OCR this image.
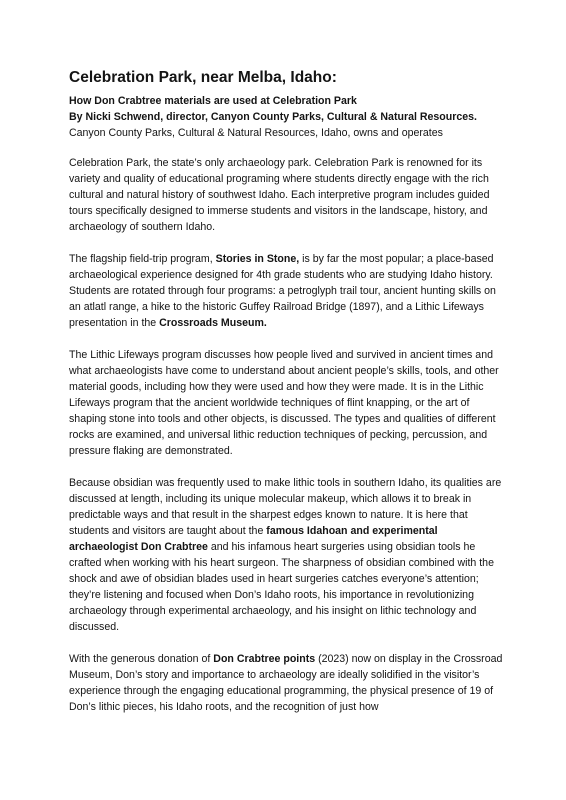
Celebration Park, near Melba, Idaho:
How Don Crabtree materials are used at Celebration Park
By Nicki Schwend, director, Canyon County Parks, Cultural & Natural Resources.
Canyon County Parks, Cultural & Natural Resources, Idaho, owns and operates

Celebration Park, the state’s only archaeology park. Celebration Park is renowned for its variety and quality of educational programing where students directly engage with the rich cultural and natural history of southwest Idaho. Each interpretive program includes guided tours specifically designed to immerse students and visitors in the landscape, history, and archaeology of southern Idaho.

The flagship field-trip program, Stories in Stone, is by far the most popular; a place-based archaeological experience designed for 4th grade students who are studying Idaho history. Students are rotated through four programs: a petroglyph trail tour, ancient hunting skills on an atlatl range, a hike to the historic Guffey Railroad Bridge (1897), and a Lithic Lifeways presentation in the Crossroads Museum.

The Lithic Lifeways program discusses how people lived and survived in ancient times and what archaeologists have come to understand about ancient people’s skills, tools, and other material goods, including how they were used and how they were made. It is in the Lithic Lifeways program that the ancient worldwide techniques of flint knapping, or the art of shaping stone into tools and other objects, is discussed. The types and qualities of different rocks are examined, and universal lithic reduction techniques of pecking, percussion, and pressure flaking are demonstrated.

Because obsidian was frequently used to make lithic tools in southern Idaho, its qualities are discussed at length, including its unique molecular makeup, which allows it to break in predictable ways and that result in the sharpest edges known to nature. It is here that students and visitors are taught about the famous Idahoan and experimental archaeologist Don Crabtree and his infamous heart surgeries using obsidian tools he crafted when working with his heart surgeon. The sharpness of obsidian combined with the shock and awe of obsidian blades used in heart surgeries catches everyone’s attention; they’re listening and focused when Don’s Idaho roots, his importance in revolutionizing archaeology through experimental archaeology, and his insight on lithic technology and discussed.

With the generous donation of Don Crabtree points (2023) now on display in the Crossroad Museum, Don’s story and importance to archaeology are ideally solidified in the visitor’s experience through the engaging educational programming, the physical presence of 19 of Don’s lithic pieces, his Idaho roots, and the recognition of just how
